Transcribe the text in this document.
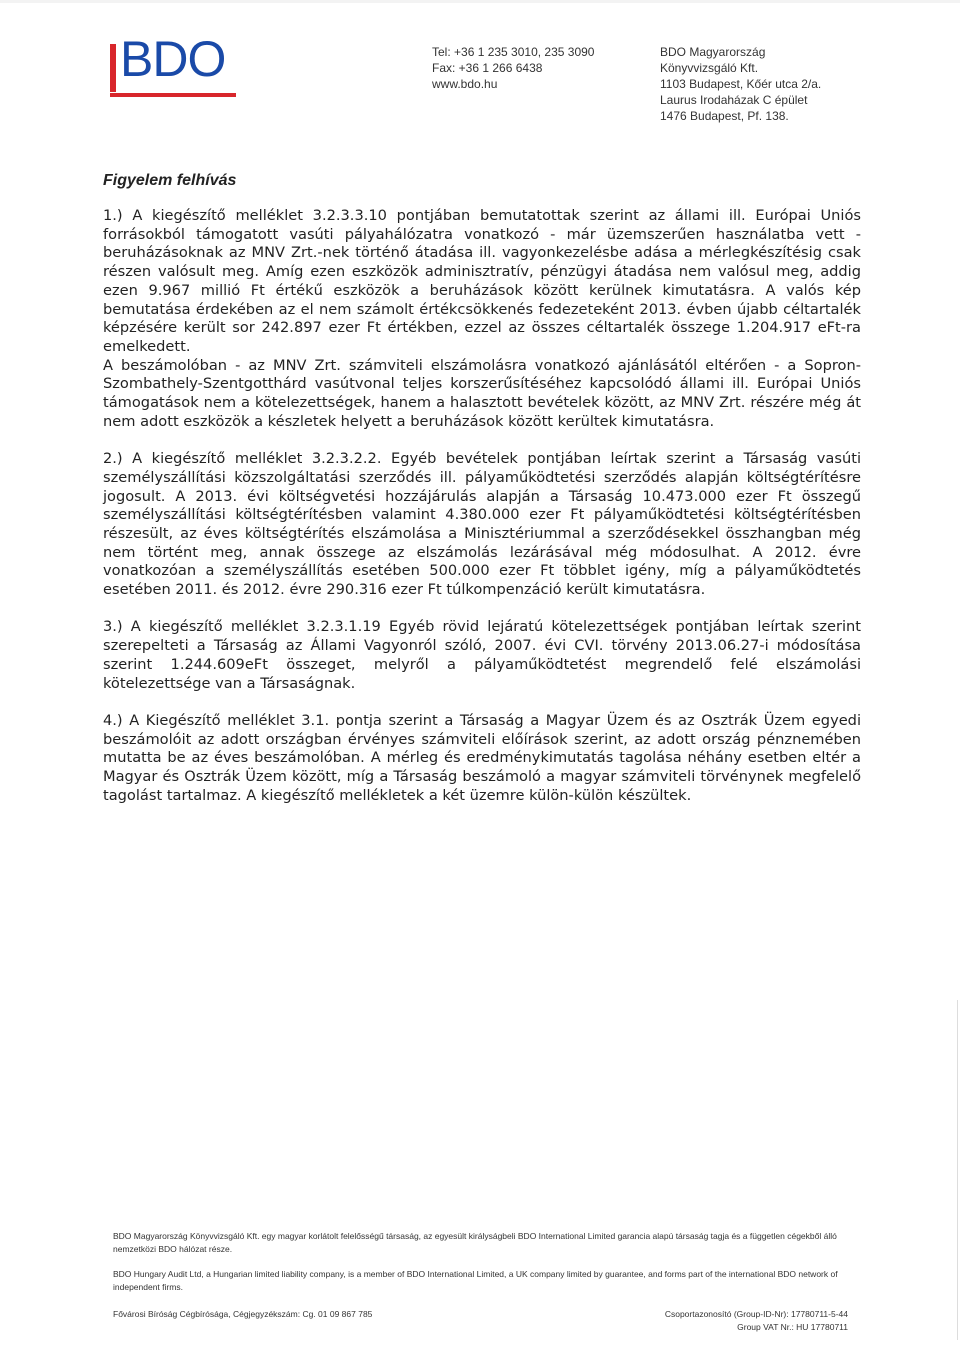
BDO	Tel: +36 1 235 3010, 235 3090
Fax: +36 1 266 6438
www.bdo.hu
BDO Magyarország
Könyvvizsgáló Kft.
1103 Budapest, Kőér utca 2/a.
Laurus Irodaházak C épület
1476 Budapest, Pf. 138.
Figyelem felhívás

1.) A kiegészítő melléklet 3.2.3.3.10 pontjában bemutatottak szerint az állami ill. Európai Uniós forrásokból támogatott vasúti pályahálózatra vonatkozó - már üzemszerűen használatba vett - beruházásoknak az MNV Zrt.-nek történő átadása ill. vagyonkezelésbe adása a mérlegkészítésig csak részen valósult meg. Amíg ezen eszközök adminisztratív, pénzügyi átadása nem valósul meg, addig ezen 9.967 millió Ft értékű eszközök a beruházások között kerülnek kimutatásra. A valós kép bemutatása érdekében az el nem számolt értékcsökkenés fedezeteként 2013. évben újabb céltartalék képzésére került sor 242.897 ezer Ft értékben, ezzel az összes céltartalék összege 1.204.917 eFt-ra emelkedett.

A beszámolóban - az MNV Zrt. számviteli elszámolásra vonatkozó ajánlásától eltérően - a Sopron-Szombathely-Szentgotthárd vasútvonal teljes korszerűsítéséhez kapcsolódó állami ill. Európai Uniós támogatások nem a kötelezettségek, hanem a halasztott bevételek között, az MNV Zrt. részére még át nem adott eszközök a készletek helyett a beruházások között kerültek kimutatásra.

2.) A kiegészítő melléklet 3.2.3.2.2. Egyéb bevételek pontjában leírtak szerint a Társaság vasúti személyszállítási közszolgáltatási szerződés ill. pályaműködtetési szerződés alapján költségtérítésre jogosult. A 2013. évi költségvetési hozzájárulás alapján a Társaság 10.473.000 ezer Ft összegű személyszállítási költségtérítésben valamint 4.380.000 ezer Ft pályaműködtetési költségtérítésben részesült, az éves költségtérítés elszámolása a Minisztériummal a szerződésekkel összhangban még nem történt meg, annak összege az elszámolás lezárásával még módosulhat. A 2012. évre vonatkozóan a személyszállítás esetében 500.000 ezer Ft többlet igény, míg a pályaműködtetés esetében 2011. és 2012. évre 290.316 ezer Ft túlkompenzáció került kimutatásra.

3.) A kiegészítő melléklet 3.2.3.1.19 Egyéb rövid lejáratú kötelezettségek pontjában leírtak szerint szerepelteti a Társaság az Állami Vagyonról szóló, 2007. évi CVI. törvény 2013.06.27-i módosítása szerint 1.244.609eFt összeget, melyről a pályaműködtetést megrendelő felé elszámolási kötelezettsége van a Társaságnak.

4.) A Kiegészítő melléklet 3.1. pontja szerint a Társaság a Magyar Üzem és az Osztrák Üzem egyedi beszámolóit az adott országban érvényes számviteli előírások szerint, az adott ország pénznemében mutatta be az éves beszámolóban. A mérleg és eredménykimutatás tagolása néhány esetben eltér a Magyar és Osztrák Üzem között, míg a Társaság beszámoló a magyar számviteli törvénynek megfelelő tagolást tartalmaz. A kiegészítő mellékletek a két üzemre külön-külön készültek.

BDO Magyarország Könyvvizsgáló Kft. egy magyar korlátolt felelősségű társaság, az egyesült királyságbeli BDO International Limited garancia alapú társaság tagja és a független cégekből álló nemzetközi BDO hálózat része.

BDO Hungary Audit Ltd, a Hungarian limited liability company, is a member of BDO International Limited, a UK company limited by guarantee, and forms part of the international BDO network of independent firms.

Fővárosi Bíróság Cégbírósága, Cégjegyzékszám: Cg. 01 09 867 785	Csoportazonosító (Group-ID-Nr): 17780711-5-44
Group VAT Nr.: HU 17780711
